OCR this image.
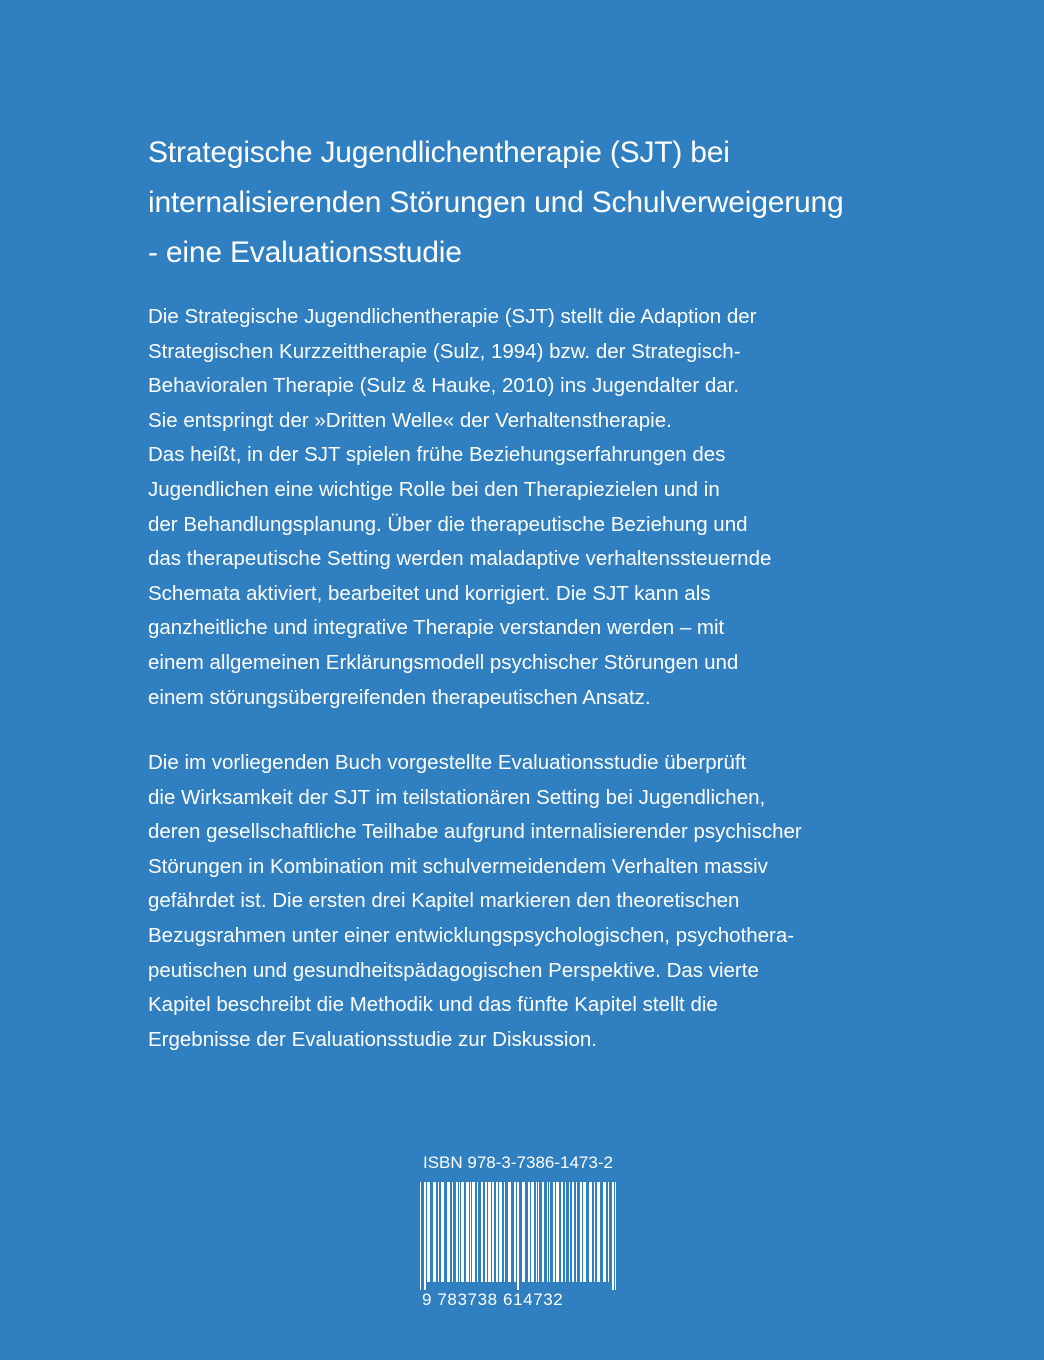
Strategische Jugendlichentherapie (SJT) bei
internalisierenden Störungen und Schulverweigerung
- eine Evaluationsstudie

Die Strategische Jugendlichentherapie (SJT) stellt die Adaption der
Strategischen Kurzzeittherapie (Sulz, 1994) bzw. der Strategisch-
Behavioralen Therapie (Sulz & Hauke, 2010) ins Jugendalter dar.
Sie entspringt der »Dritten Welle« der Verhaltenstherapie.
Das heißt, in der SJT spielen frühe Beziehungserfahrungen des
Jugendlichen eine wichtige Rolle bei den Therapiezielen und in
der Behandlungsplanung. Über die therapeutische Beziehung und
das therapeutische Setting werden maladaptive verhaltenssteuernde
Schemata aktiviert, bearbeitet und korrigiert. Die SJT kann als
ganzheitliche und integrative Therapie verstanden werden – mit
einem allgemeinen Erklärungsmodell psychischer Störungen und
einem störungsübergreifenden therapeutischen Ansatz.

Die im vorliegenden Buch vorgestellte Evaluationsstudie überprüft
die Wirksamkeit der SJT im teilstationären Setting bei Jugendlichen,
deren gesellschaftliche Teilhabe aufgrund internalisierender psychischer
Störungen in Kombination mit schulvermeidendem Verhalten massiv
gefährdet ist. Die ersten drei Kapitel markieren den theoretischen
Bezugsrahmen unter einer entwicklungspsychologischen, psychothera-
peutischen und gesundheitspädagogischen Perspektive. Das vierte
Kapitel beschreibt die Methodik und das fünfte Kapitel stellt die
Ergebnisse der Evaluationsstudie zur Diskussion.

ISBN 978-3-7386-1473-2
9 783738 614732
